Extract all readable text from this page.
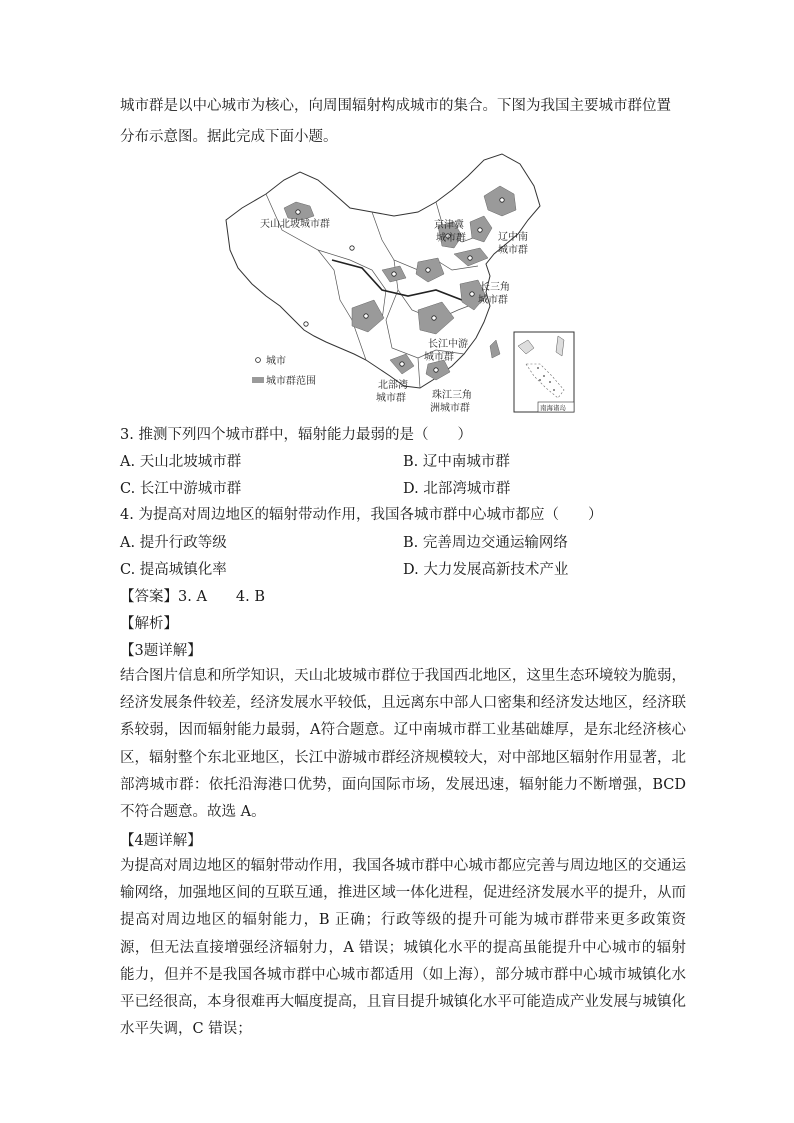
城市群是以中心城市为核心，向周围辐射构成城市的集合。下图为我国主要城市群位置分布示意图。据此完成下面小题。
天山北坡城市群	京津冀
城市群	辽中南
城市群
长三角
城市群
长江中游
城市群
北部湾
城市群	珠江三角
洲城市群
城市
城市群范围
南海诸岛
3. 推测下列四个城市群中，辐射能力最弱的是（　　）
A. 天山北坡城市群	B. 辽中南城市群
C. 长江中游城市群	D. 北部湾城市群
4. 为提高对周边地区的辐射带动作用，我国各城市群中心城市都应（　　）
A. 提升行政等级	B. 完善周边交通运输网络
C. 提高城镇化率	D. 大力发展高新技术产业
【答案】3. A　　4. B
【解析】
【3题详解】
结合图片信息和所学知识，天山北坡城市群位于我国西北地区，这里生态环境较为脆弱，经济发展条件较差，经济发展水平较低，且远离东中部人口密集和经济发达地区，经济联系较弱，因而辐射能力最弱，A符合题意。辽中南城市群工业基础雄厚，是东北经济核心区，辐射整个东北亚地区，长江中游城市群经济规模较大，对中部地区辐射作用显著，北部湾城市群：依托沿海港口优势，面向国际市场，发展迅速，辐射能力不断增强，BCD 不符合题意。故选 A。
【4题详解】
为提高对周边地区的辐射带动作用，我国各城市群中心城市都应完善与周边地区的交通运输网络，加强地区间的互联互通，推进区域一体化进程，促进经济发展水平的提升，从而提高对周边地区的辐射能力，B 正确；行政等级的提升可能为城市群带来更多政策资源，但无法直接增强经济辐射力，A 错误；城镇化水平的提高虽能提升中心城市的辐射能力，但并不是我国各城市群中心城市都适用（如上海），部分城市群中心城市城镇化水平已经很高，本身很难再大幅度提高，且盲目提升城镇化水平可能造成产业发展与城镇化水平失调，C 错误；
